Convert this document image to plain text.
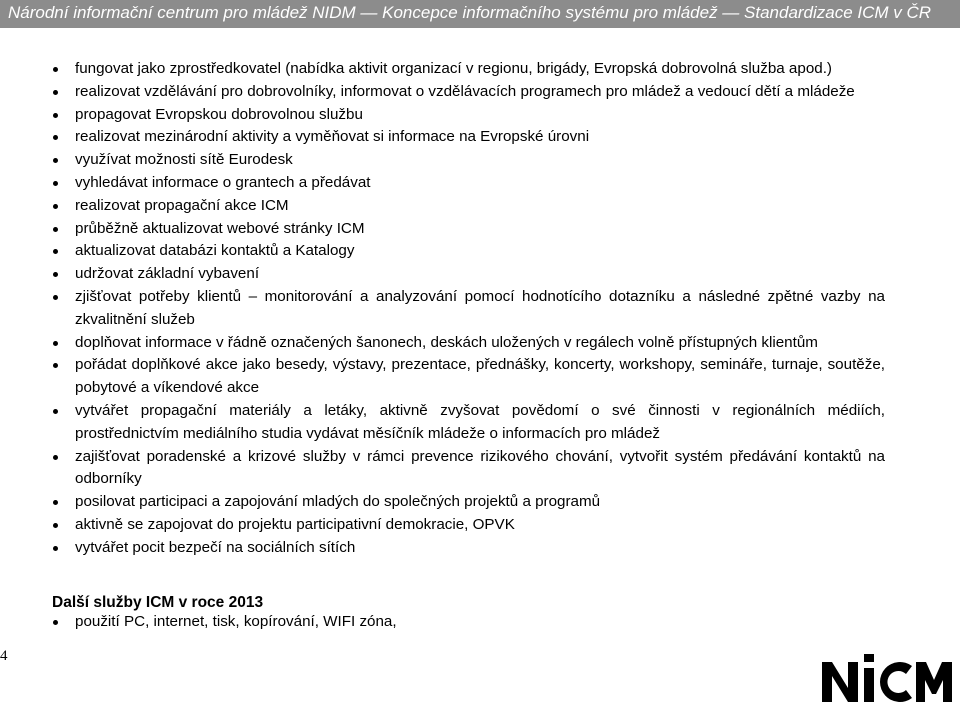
Národní informační centrum pro mládež NIDM — Koncepce informačního systému pro mládež — Standardizace ICM v ČR
fungovat jako zprostředkovatel (nabídka aktivit organizací v regionu, brigády, Evropská dobrovolná služba apod.)
realizovat vzdělávání pro dobrovolníky, informovat o vzdělávacích programech pro mládež a vedoucí dětí a mládeže
propagovat Evropskou dobrovolnou službu
realizovat mezinárodní aktivity a vyměňovat si informace na Evropské úrovni
využívat možnosti sítě Eurodesk
vyhledávat informace o grantech a předávat
realizovat propagační akce ICM
průběžně aktualizovat webové stránky ICM
aktualizovat databázi kontaktů a Katalogy
udržovat základní vybavení
zjišťovat potřeby klientů – monitorování a analyzování pomocí hodnotícího dotazníku a následné zpětné vazby na zkvalitnění služeb
doplňovat informace v řádně označených šanonech, deskách uložených v regálech volně přístupných klientům
pořádat doplňkové akce jako besedy, výstavy, prezentace, přednášky, koncerty, workshopy, semináře, turnaje, soutěže, pobytové a víkendové akce
vytvářet propagační materiály a letáky, aktivně zvyšovat povědomí o své činnosti v regionálních médiích, prostřednictvím mediálního studia vydávat měsíčník mládeže o informacích pro mládež
zajišťovat poradenské a krizové služby v rámci prevence rizikového chování, vytvořit systém předávání kontaktů na odborníky
posilovat participaci a zapojování mladých do společných projektů a programů
aktivně se zapojovat do projektu participativní demokracie, OPVK
vytvářet pocit bezpečí na sociálních sítích
Další služby ICM v roce 2013
použití PC, internet, tisk, kopírování, WIFI zóna,
4
